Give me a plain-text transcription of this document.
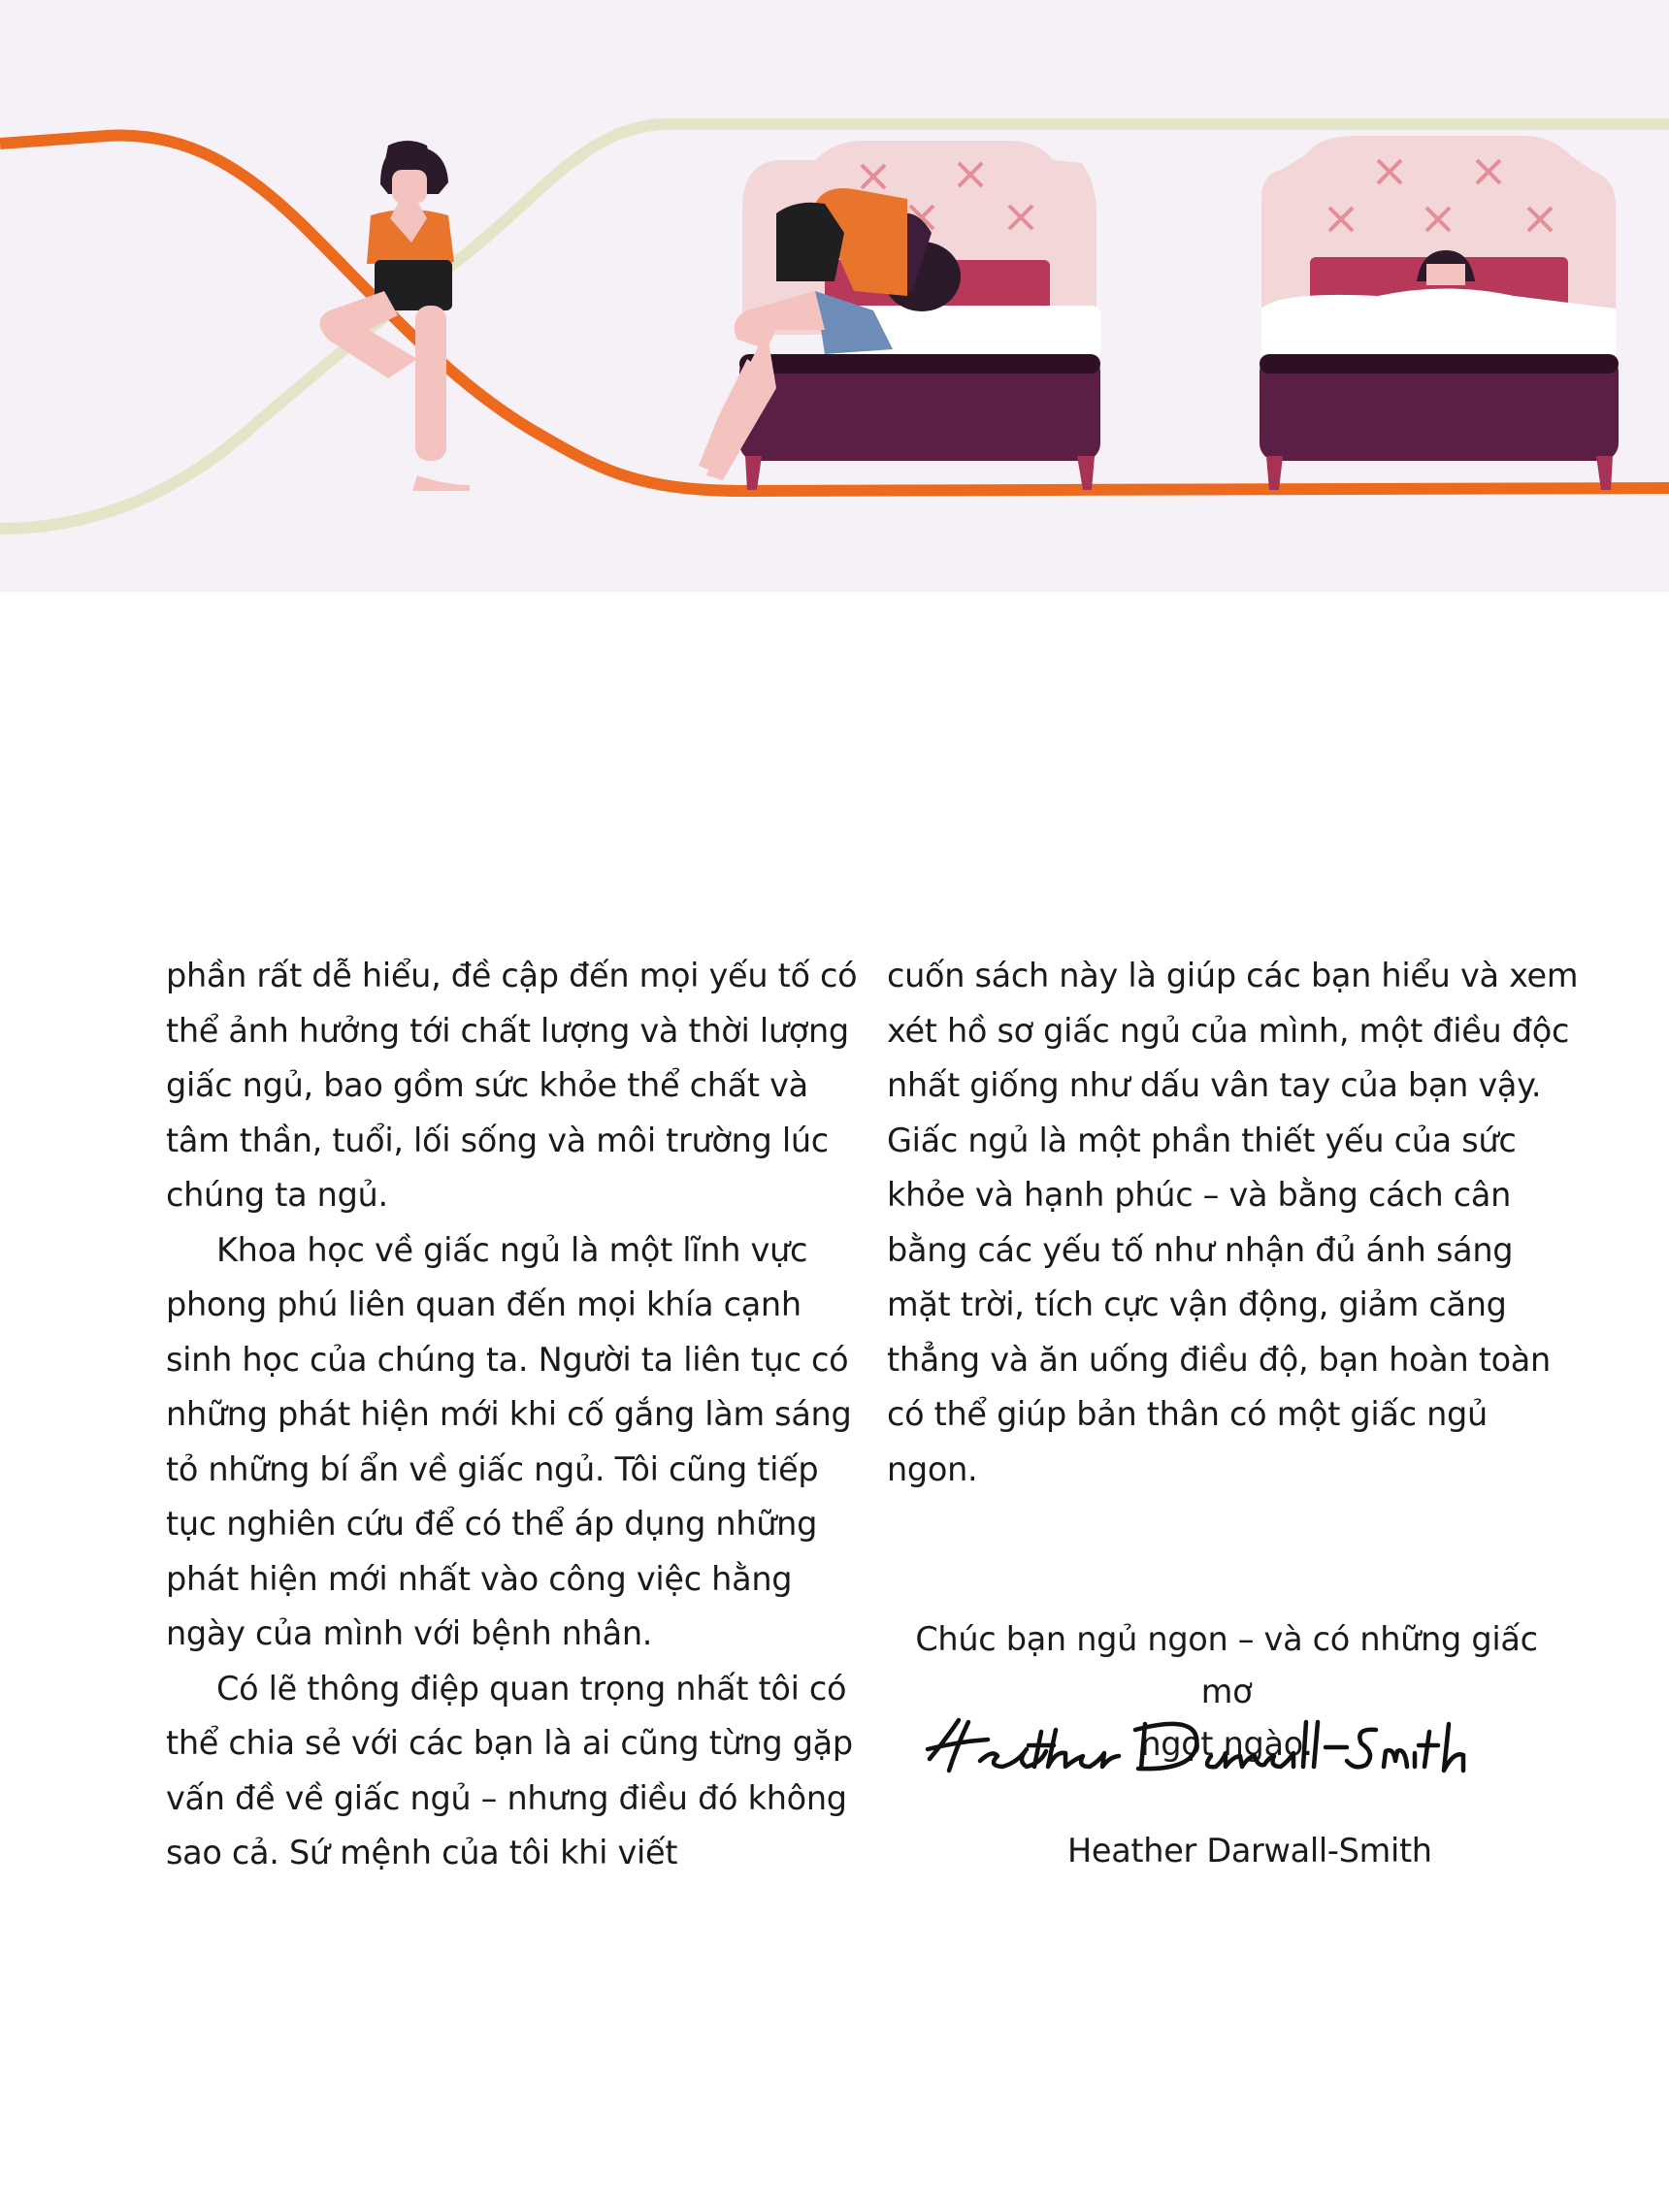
phần rất dễ hiểu, đề cập đến mọi yếu tố có thể ảnh hưởng tới chất lượng và thời lượng giấc ngủ, bao gồm sức khỏe thể chất và tâm thần, tuổi, lối sống và môi trường lúc chúng ta ngủ.

Khoa học về giấc ngủ là một lĩnh vực phong phú liên quan đến mọi khía cạnh sinh học của chúng ta. Người ta liên tục có những phát hiện mới khi cố gắng làm sáng tỏ những bí ẩn về giấc ngủ. Tôi cũng tiếp tục nghiên cứu để có thể áp dụng những phát hiện mới nhất vào công việc hằng ngày của mình với bệnh nhân.

Có lẽ thông điệp quan trọng nhất tôi có thể chia sẻ với các bạn là ai cũng từng gặp vấn đề về giấc ngủ – nhưng điều đó không sao cả. Sứ mệnh của tôi khi viết

cuốn sách này là giúp các bạn hiểu và xem xét hồ sơ giấc ngủ của mình, một điều độc nhất giống như dấu vân tay của bạn vậy. Giấc ngủ là một phần thiết yếu của sức khỏe và hạnh phúc – và bằng cách cân bằng các yếu tố như nhận đủ ánh sáng mặt trời, tích cực vận động, giảm căng thẳng và ăn uống điều độ, bạn hoàn toàn có thể giúp bản thân có một giấc ngủ ngon.

Chúc bạn ngủ ngon – và có những giấc mơ

ngọt ngào.

Heather Darwall-Smith
